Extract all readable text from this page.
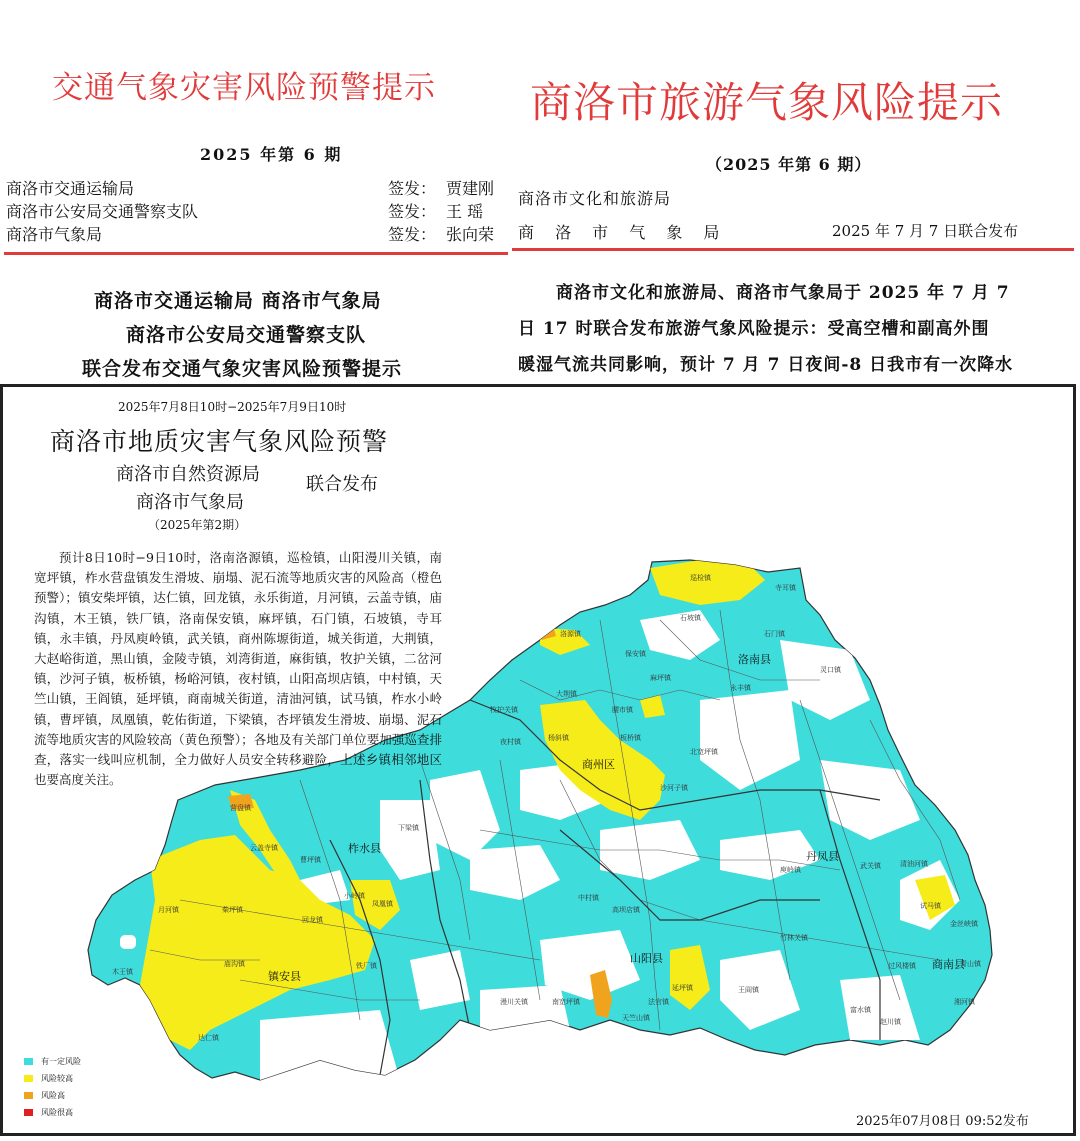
交通气象灾害风险预警提示
2025 年第 6 期
商洛市交通运输局	签发： 贾建刚
商洛市公安局交通警察支队	签发： 王 瑶
商洛市气象局	签发： 张向荣
商洛市交通运输局 商洛市气象局
商洛市公安局交通警察支队
联合发布交通气象灾害风险预警提示
商洛市旅游气象风险提示
（2025 年第 6 期）
商洛市文化和旅游局
商 洛 市 气 象 局	2025 年 7 月 7 日联合发布
商洛市文化和旅游局、商洛市气象局于 2025 年 7 月 7
日 17 时联合发布旅游气象风险提示：受高空槽和副高外围
暖湿气流共同影响，预计 7 月 7 日夜间-8 日我市有一次降水
洛南县
商州区
丹凤县
商南县
山阳县
镇安县
柞水县
巡检镇
寺耳镇
石门镇
保安镇
洛源镇
灵口镇
石坡镇
麻坪镇
永丰镇
大荆镇
腰市镇
杨斜镇
牧护关镇
夜村镇	板桥镇
北宽坪镇
沙河子镇
营盘镇
下梁镇
小岭镇
凤凰镇
曹坪镇
云盖寺镇
柴坪镇
月河镇
庙沟镇
木王镇
达仁镇
回龙镇
铁厂镇
中村镇
高坝店镇
漫川关镇	南宽坪镇
天竺山镇
王阎镇
延坪镇
法官镇
竹林关镇
庾岭镇	武关镇
试马镇
清油河镇
赵川镇
富水镇
青山镇
湘河镇
金丝峡镇
过风楼镇
2025年7月8日10时−2025年7月9日10时
商洛市地质灾害气象风险预警
商洛市自然资源局
商洛市气象局
联合发布
（2025年第2期）
预计8日10时−9日10时，洛南洛源镇，巡检镇，山阳漫川关镇，南宽坪镇，柞水营盘镇发生滑坡、崩塌、泥石流等地质灾害的风险高（橙色预警）；镇安柴坪镇，达仁镇，回龙镇，永乐街道，月河镇，云盖寺镇，庙沟镇，木王镇，铁厂镇，洛南保安镇，麻坪镇，石门镇，石坡镇，寺耳镇，永丰镇，丹凤庾岭镇，武关镇，商州陈塬街道，城关街道，大荆镇，大赵峪街道，黑山镇，金陵寺镇，刘湾街道，麻街镇，牧护关镇，二岔河镇，沙河子镇，板桥镇，杨峪河镇，夜村镇，山阳高坝店镇，中村镇，天竺山镇，王阎镇，延坪镇，商南城关街道，清油河镇，试马镇，柞水小岭镇，曹坪镇，凤凰镇，乾佑街道，下梁镇，杏坪镇发生滑坡、崩塌、泥石流等地质灾害的风险较高（黄色预警）；各地及有关部门单位要加强巡查排查，落实一线叫应机制，全力做好人员安全转移避险，上述乡镇相邻地区也要高度关注。
有一定风险
风险较高
风险高
风险很高
2025年07月08日 09:52发布
